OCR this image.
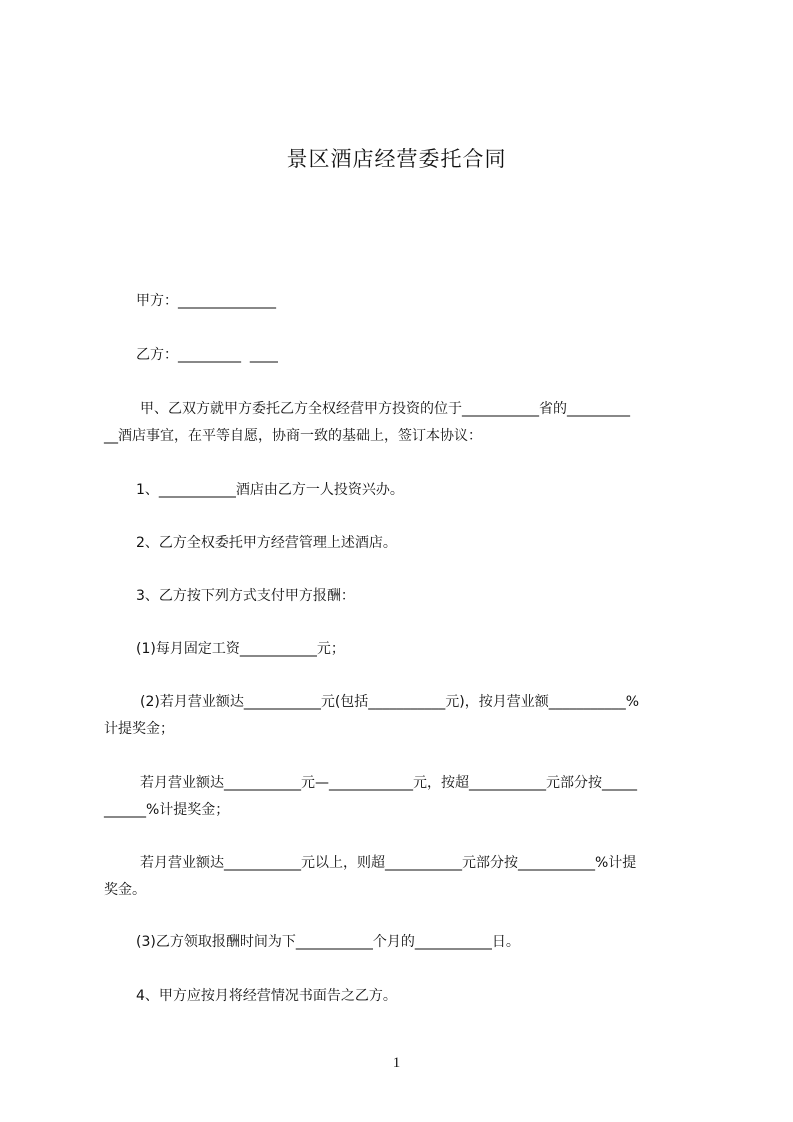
景区酒店经营委托合同
甲方：______________
乙方：_________  ____
甲、乙双方就甲方委托乙方全权经营甲方投资的位于___________省的_________
__酒店事宜，在平等自愿，协商一致的基础上，签订本协议：
1、___________酒店由乙方一人投资兴办。
2、乙方全权委托甲方经营管理上述酒店。
3、乙方按下列方式支付甲方报酬：
(1)每月固定工资___________元；
(2)若月营业额达___________元(包括___________元)，按月营业额___________%
计提奖金；
若月营业额达___________元—____________元，按超___________元部分按_____
______%计提奖金；
若月营业额达___________元以上，则超___________元部分按___________%计提
奖金。
(3)乙方领取报酬时间为下___________个月的___________日。
4、甲方应按月将经营情况书面告之乙方。
1
